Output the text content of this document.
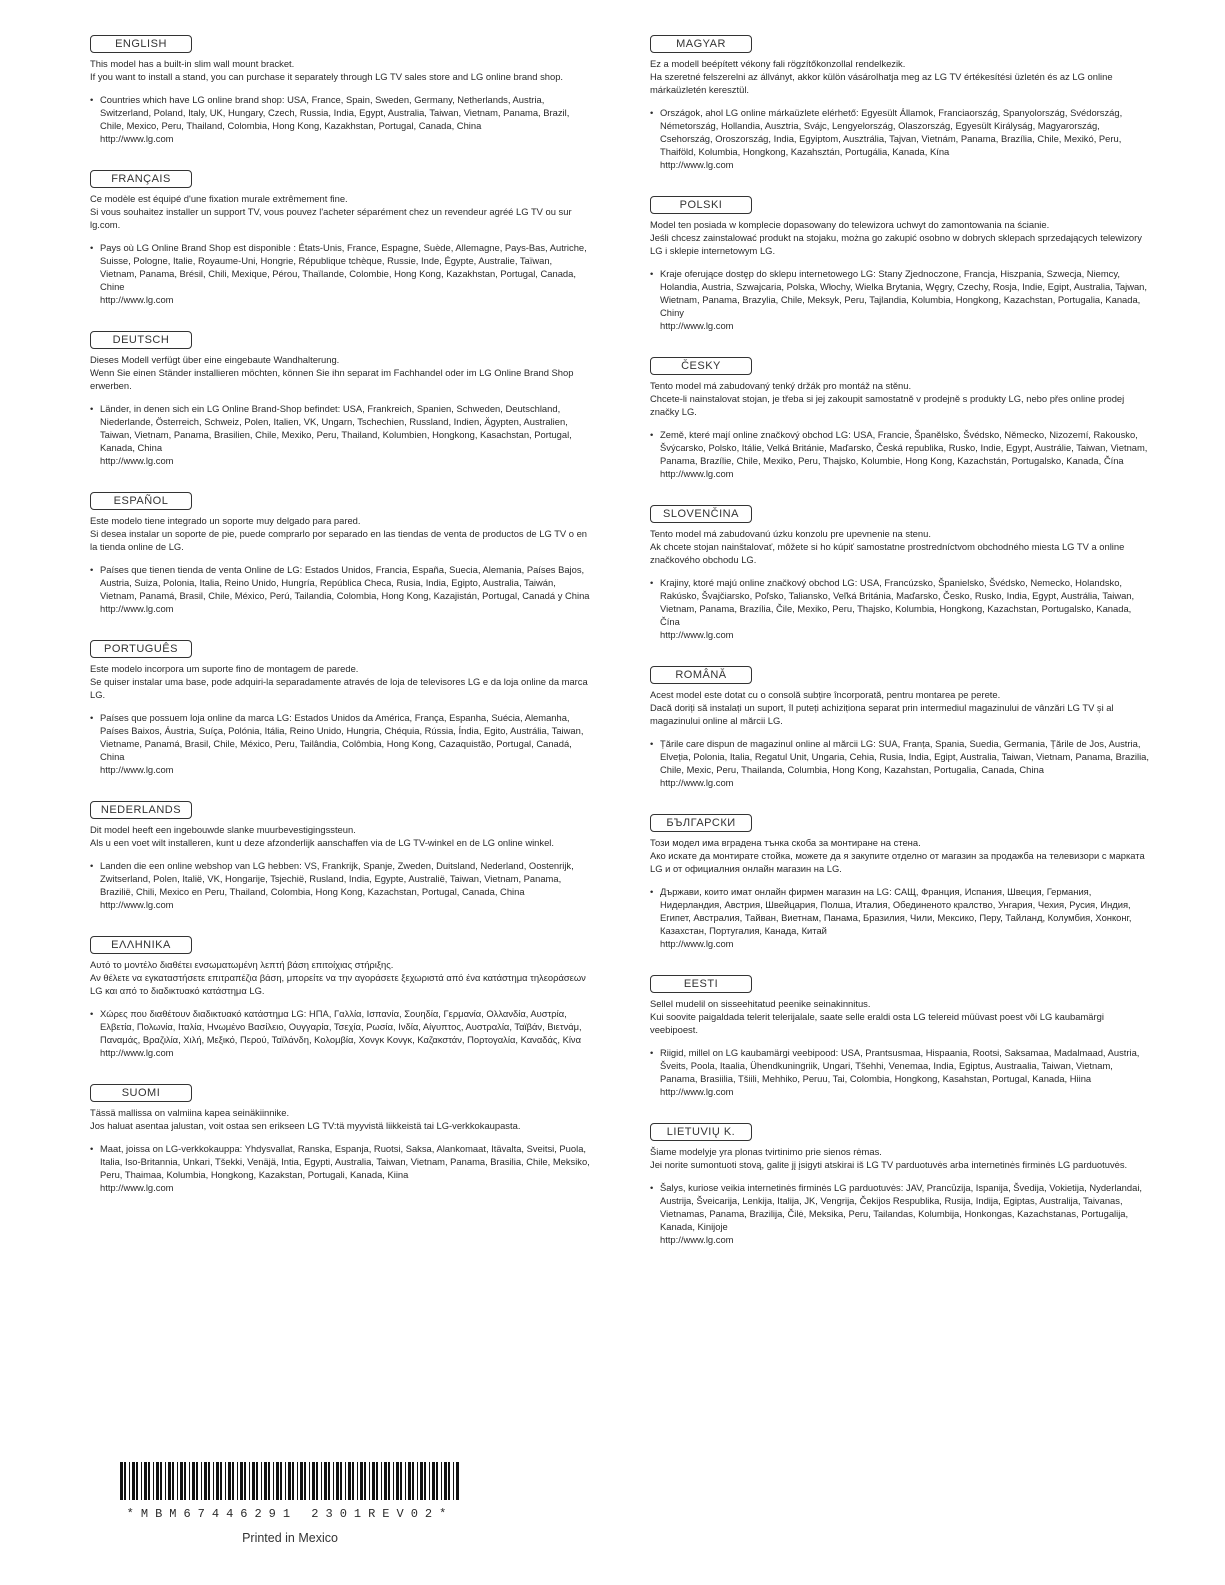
ENGLISH

This model has a built-in slim wall mount bracket.

If you want to install a stand, you can purchase it separately through LG TV sales store and LG online brand shop.

• Countries which have LG online brand shop: USA, France, Spain, Sweden, Germany, Netherlands, Austria, Switzerland, Poland, Italy, UK, Hungary, Czech, Russia, India, Egypt, Australia, Taiwan, Vietnam, Panama, Brazil, Chile, Mexico, Peru, Thailand, Colombia, Hong Kong, Kazakhstan, Portugal, Canada, China

http://www.lg.com
FRANÇAIS

Ce modèle est équipé d'une fixation murale extrêmement fine.

Si vous souhaitez installer un support TV, vous pouvez l'acheter séparément chez un revendeur agréé LG TV ou sur lg.com.

• Pays où LG Online Brand Shop est disponible : États-Unis, France, Espagne, Suède, Allemagne, Pays-Bas, Autriche, Suisse, Pologne, Italie, Royaume-Uni, Hongrie, République tchèque, Russie, Inde, Égypte, Australie, Taïwan, Vietnam, Panama, Brésil, Chili, Mexique, Pérou, Thaïlande, Colombie, Hong Kong, Kazakhstan, Portugal, Canada, Chine

http://www.lg.com
DEUTSCH

Dieses Modell verfügt über eine eingebaute Wandhalterung.

Wenn Sie einen Ständer installieren möchten, können Sie ihn separat im Fachhandel oder im LG Online Brand Shop erwerben.

• Länder, in denen sich ein LG Online Brand-Shop befindet: USA, Frankreich, Spanien, Schweden, Deutschland, Niederlande, Österreich, Schweiz, Polen, Italien, VK, Ungarn, Tschechien, Russland, Indien, Ägypten, Australien, Taiwan, Vietnam, Panama, Brasilien, Chile, Mexiko, Peru, Thailand, Kolumbien, Hongkong, Kasachstan, Portugal, Kanada, China

http://www.lg.com
ESPAÑOL

Este modelo tiene integrado un soporte muy delgado para pared.

Si desea instalar un soporte de pie, puede comprarlo por separado en las tiendas de venta de productos de LG TV o en la tienda online de LG.

• Países que tienen tienda de venta Online de LG: Estados Unidos, Francia, España, Suecia, Alemania, Países Bajos, Austria, Suiza, Polonia, Italia, Reino Unido, Hungría, República Checa, Rusia, India, Egipto, Australia, Taiwán, Vietnam, Panamá, Brasil, Chile, México, Perú, Tailandia, Colombia, Hong Kong, Kazajistán, Portugal, Canadá y China

http://www.lg.com
PORTUGUÊS

Este modelo incorpora um suporte fino de montagem de parede.

Se quiser instalar uma base, pode adquiri-la separadamente através de loja de televisores LG e da loja online da marca LG.

• Países que possuem loja online da marca LG: Estados Unidos da América, França, Espanha, Suécia, Alemanha, Países Baixos, Áustria, Suíça, Polónia, Itália, Reino Unido, Hungria, Chéquia, Rússia, Índia, Egito, Austrália, Taiwan, Vietname, Panamá, Brasil, Chile, México, Peru, Tailândia, Colômbia, Hong Kong, Cazaquistão, Portugal, Canadá, China

http://www.lg.com
NEDERLANDS

Dit model heeft een ingebouwde slanke muurbevestigingssteun.

Als u een voet wilt installeren, kunt u deze afzonderlijk aanschaffen via de LG TV-winkel en de LG online winkel.

• Landen die een online webshop van LG hebben: VS, Frankrijk, Spanje, Zweden, Duitsland, Nederland, Oostenrijk, Zwitserland, Polen, Italië, VK, Hongarije, Tsjechië, Rusland, India, Egypte, Australië, Taiwan, Vietnam, Panama, Brazilië, Chili, Mexico en Peru, Thailand, Colombia, Hong Kong, Kazachstan, Portugal, Canada, China

http://www.lg.com
ΕΛΛΗΝΙΚΑ

Αυτό το μοντέλο διαθέτει ενσωματωμένη λεπτή βάση επιτοίχιας στήριξης.

Αν θέλετε να εγκαταστήσετε επιτραπέζια βάση, μπορείτε να την αγοράσετε ξεχωριστά από ένα κατάστημα τηλεοράσεων LG και από το διαδικτυακό κατάστημα LG.

• Χώρες που διαθέτουν διαδικτυακό κατάστημα LG: ΗΠΑ, Γαλλία, Ισπανία, Σουηδία, Γερμανία, Ολλανδία, Αυστρία, Ελβετία, Πολωνία, Ιταλία, Ηνωμένο Βασίλειο, Ουγγαρία, Τσεχία, Ρωσία, Ινδία, Αίγυπτος, Αυστραλία, Ταϊβάν, Βιετνάμ, Παναμάς, Βραζιλία, Χιλή, Μεξικό, Περού, Ταϊλάνδη, Κολομβία, Χονγκ Κονγκ, Καζακστάν, Πορτογαλία, Καναδάς, Κίνα

http://www.lg.com
SUOMI

Tässä mallissa on valmiina kapea seinäkiinnike.

Jos haluat asentaa jalustan, voit ostaa sen erikseen LG TV:tä myyvistä liikkeistä tai LG-verkkokaupasta.

• Maat, joissa on LG-verkkokauppa: Yhdysvallat, Ranska, Espanja, Ruotsi, Saksa, Alankomaat, Itävalta, Sveitsi, Puola, Italia, Iso-Britannia, Unkari, Tšekki, Venäjä, Intia, Egypti, Australia, Taiwan, Vietnam, Panama, Brasilia, Chile, Meksiko, Peru, Thaimaa, Kolumbia, Hongkong, Kazakstan, Portugali, Kanada, Kiina

http://www.lg.com
MAGYAR

Ez a modell beépített vékony fali rögzítőkonzollal rendelkezik.

Ha szeretné felszerelni az állványt, akkor külön vásárolhatja meg az LG TV értékesítési üzletén és az LG online márkaüzletén keresztül.

• Országok, ahol LG online márkaüzlete elérhető: Egyesült Államok, Franciaország, Spanyolország, Svédország, Németország, Hollandia, Ausztria, Svájc, Lengyelország, Olaszország, Egyesült Királyság, Magyarország, Csehország, Oroszország, India, Egyiptom, Ausztrália, Tajvan, Vietnám, Panama, Brazília, Chile, Mexikó, Peru, Thaiföld, Kolumbia, Hongkong, Kazahsztán, Portugália, Kanada, Kína

http://www.lg.com
POLSKI

Model ten posiada w komplecie dopasowany do telewizora uchwyt do zamontowania na ścianie.

Jeśli chcesz zainstalować produkt na stojaku, można go zakupić osobno w dobrych sklepach sprzedających telewizory LG i sklepie internetowym LG.

• Kraje oferujące dostęp do sklepu internetowego LG: Stany Zjednoczone, Francja, Hiszpania, Szwecja, Niemcy, Holandia, Austria, Szwajcaria, Polska, Włochy, Wielka Brytania, Węgry, Czechy, Rosja, Indie, Egipt, Australia, Tajwan, Wietnam, Panama, Brazylia, Chile, Meksyk, Peru, Tajlandia, Kolumbia, Hongkong, Kazachstan, Portugalia, Kanada, Chiny

http://www.lg.com
ČESKY

Tento model má zabudovaný tenký držák pro montáž na stěnu.

Chcete-li nainstalovat stojan, je třeba si jej zakoupit samostatně v prodejně s produkty LG, nebo přes online prodej značky LG.

• Země, které mají online značkový obchod LG: USA, Francie, Španělsko, Švédsko, Německo, Nizozemí, Rakousko, Švýcarsko, Polsko, Itálie, Velká Británie, Maďarsko, Česká republika, Rusko, Indie, Egypt, Austrálie, Taiwan, Vietnam, Panama, Brazílie, Chile, Mexiko, Peru, Thajsko, Kolumbie, Hong Kong, Kazachstán, Portugalsko, Kanada, Čína

http://www.lg.com
SLOVENČINA

Tento model má zabudovanú úzku konzolu pre upevnenie na stenu.

Ak chcete stojan nainštalovať, môžete si ho kúpiť samostatne prostredníctvom obchodného miesta LG TV a online značkového obchodu LG.

• Krajiny, ktoré majú online značkový obchod LG: USA, Francúzsko, Španielsko, Švédsko, Nemecko, Holandsko, Rakúsko, Švajčiarsko, Poľsko, Taliansko, Veľká Británia, Maďarsko, Česko, Rusko, India, Egypt, Austrália, Taiwan, Vietnam, Panama, Brazília, Čile, Mexiko, Peru, Thajsko, Kolumbia, Hongkong, Kazachstan, Portugalsko, Kanada, Čína

http://www.lg.com
ROMÂNĂ

Acest model este dotat cu o consolă subțire încorporată, pentru montarea pe perete.

Dacă doriți să instalați un suport, îl puteți achiziționa separat prin intermediul magazinului de vânzări LG TV și al magazinului online al mărcii LG.

• Țările care dispun de magazinul online al mărcii LG: SUA, Franța, Spania, Suedia, Germania, Țările de Jos, Austria, Elveția, Polonia, Italia, Regatul Unit, Ungaria, Cehia, Rusia, India, Egipt, Australia, Taiwan, Vietnam, Panama, Brazilia, Chile, Mexic, Peru, Thailanda, Columbia, Hong Kong, Kazahstan, Portugalia, Canada, China

http://www.lg.com
БЪЛГАРСКИ

Този модел има вградена тънка скоба за монтиране на стена.

Ако искате да монтирате стойка, можете да я закупите отделно от магазин за продажба на телевизори с марката LG и от официалния онлайн магазин на LG.

• Държави, които имат онлайн фирмен магазин на LG: САЩ, Франция, Испания, Швеция, Германия, Нидерландия, Австрия, Швейцария, Полша, Италия, Обединеното кралство, Унгария, Чехия, Русия, Индия, Египет, Австралия, Тайван, Виетнам, Панама, Бразилия, Чили, Мексико, Перу, Тайланд, Колумбия, Хонконг, Казахстан, Португалия, Канада, Китай

http://www.lg.com
EESTI

Sellel mudelil on sisseehitatud peenike seinakinnitus.

Kui soovite paigaldada telerit telerijalale, saate selle eraldi osta LG telereid müüvast poest või LG kaubamärgi veebipoest.

• Riigid, millel on LG kaubamärgi veebipood: USA, Prantsusmaa, Hispaania, Rootsi, Saksamaa, Madalmaad, Austria, Šveits, Poola, Itaalia, Ühendkuningriik, Ungari, Tšehhi, Venemaa, India, Egiptus, Austraalia, Taiwan, Vietnam, Panama, Brasiilia, Tšiili, Mehhiko, Peruu, Tai, Colombia, Hongkong, Kasahstan, Portugal, Kanada, Hiina

http://www.lg.com
LIETUVIŲ K.

Šiame modelyje yra plonas tvirtinimo prie sienos rėmas.

Jei norite sumontuoti stovą, galite jį įsigyti atskirai iš LG TV parduotuvės arba internetinės firminės LG parduotuvės.

• Šalys, kuriose veikia internetinės firminės LG parduotuvės: JAV, Prancūzija, Ispanija, Švedija, Vokietija, Nyderlandai, Austrija, Šveicarija, Lenkija, Italija, JK, Vengrija, Čekijos Respublika, Rusija, Indija, Egiptas, Australija, Taivanas, Vietnamas, Panama, Brazilija, Čilė, Meksika, Peru, Tailandas, Kolumbija, Honkongas, Kazachstanas, Portugalija, Kanada, Kinijoje

http://www.lg.com
*MBM67446291 2301REV02*
Printed in Mexico
